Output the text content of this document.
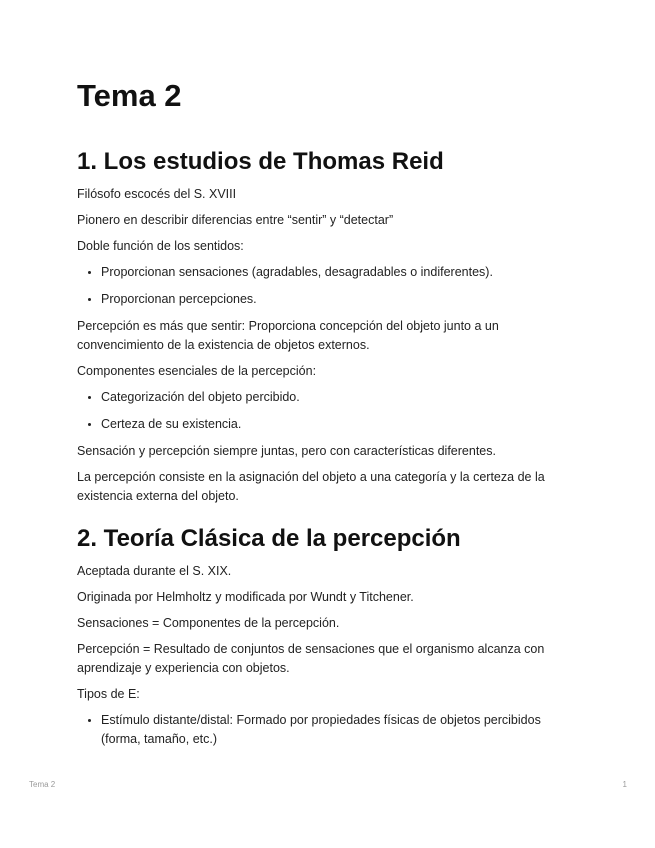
Tema 2
1. Los estudios de Thomas Reid

Filósofo escocés del S. XVIII

Pionero en describir diferencias entre “sentir” y “detectar”

Doble función de los sentidos:

• Proporcionan sensaciones (agradables, desagradables o indiferentes).
• Proporcionan percepciones.

Percepción es más que sentir: Proporciona concepción del objeto junto a un convencimiento de la existencia de objetos externos.

Componentes esenciales de la percepción:

• Categorización del objeto percibido.
• Certeza de su existencia.

Sensación y percepción siempre juntas, pero con características diferentes.

La percepción consiste en la asignación del objeto a una categoría y la certeza de la existencia externa del objeto.

2. Teoría Clásica de la percepción

Aceptada durante el S. XIX.

Originada por Helmholtz y modificada por Wundt y Titchener.

Sensaciones = Componentes de la percepción.

Percepción = Resultado de conjuntos de sensaciones que el organismo alcanza con aprendizaje y experiencia con objetos.

Tipos de E:

• Estímulo distante/distal: Formado por propiedades físicas de objetos percibidos (forma, tamaño, etc.)
Tema 2	1
